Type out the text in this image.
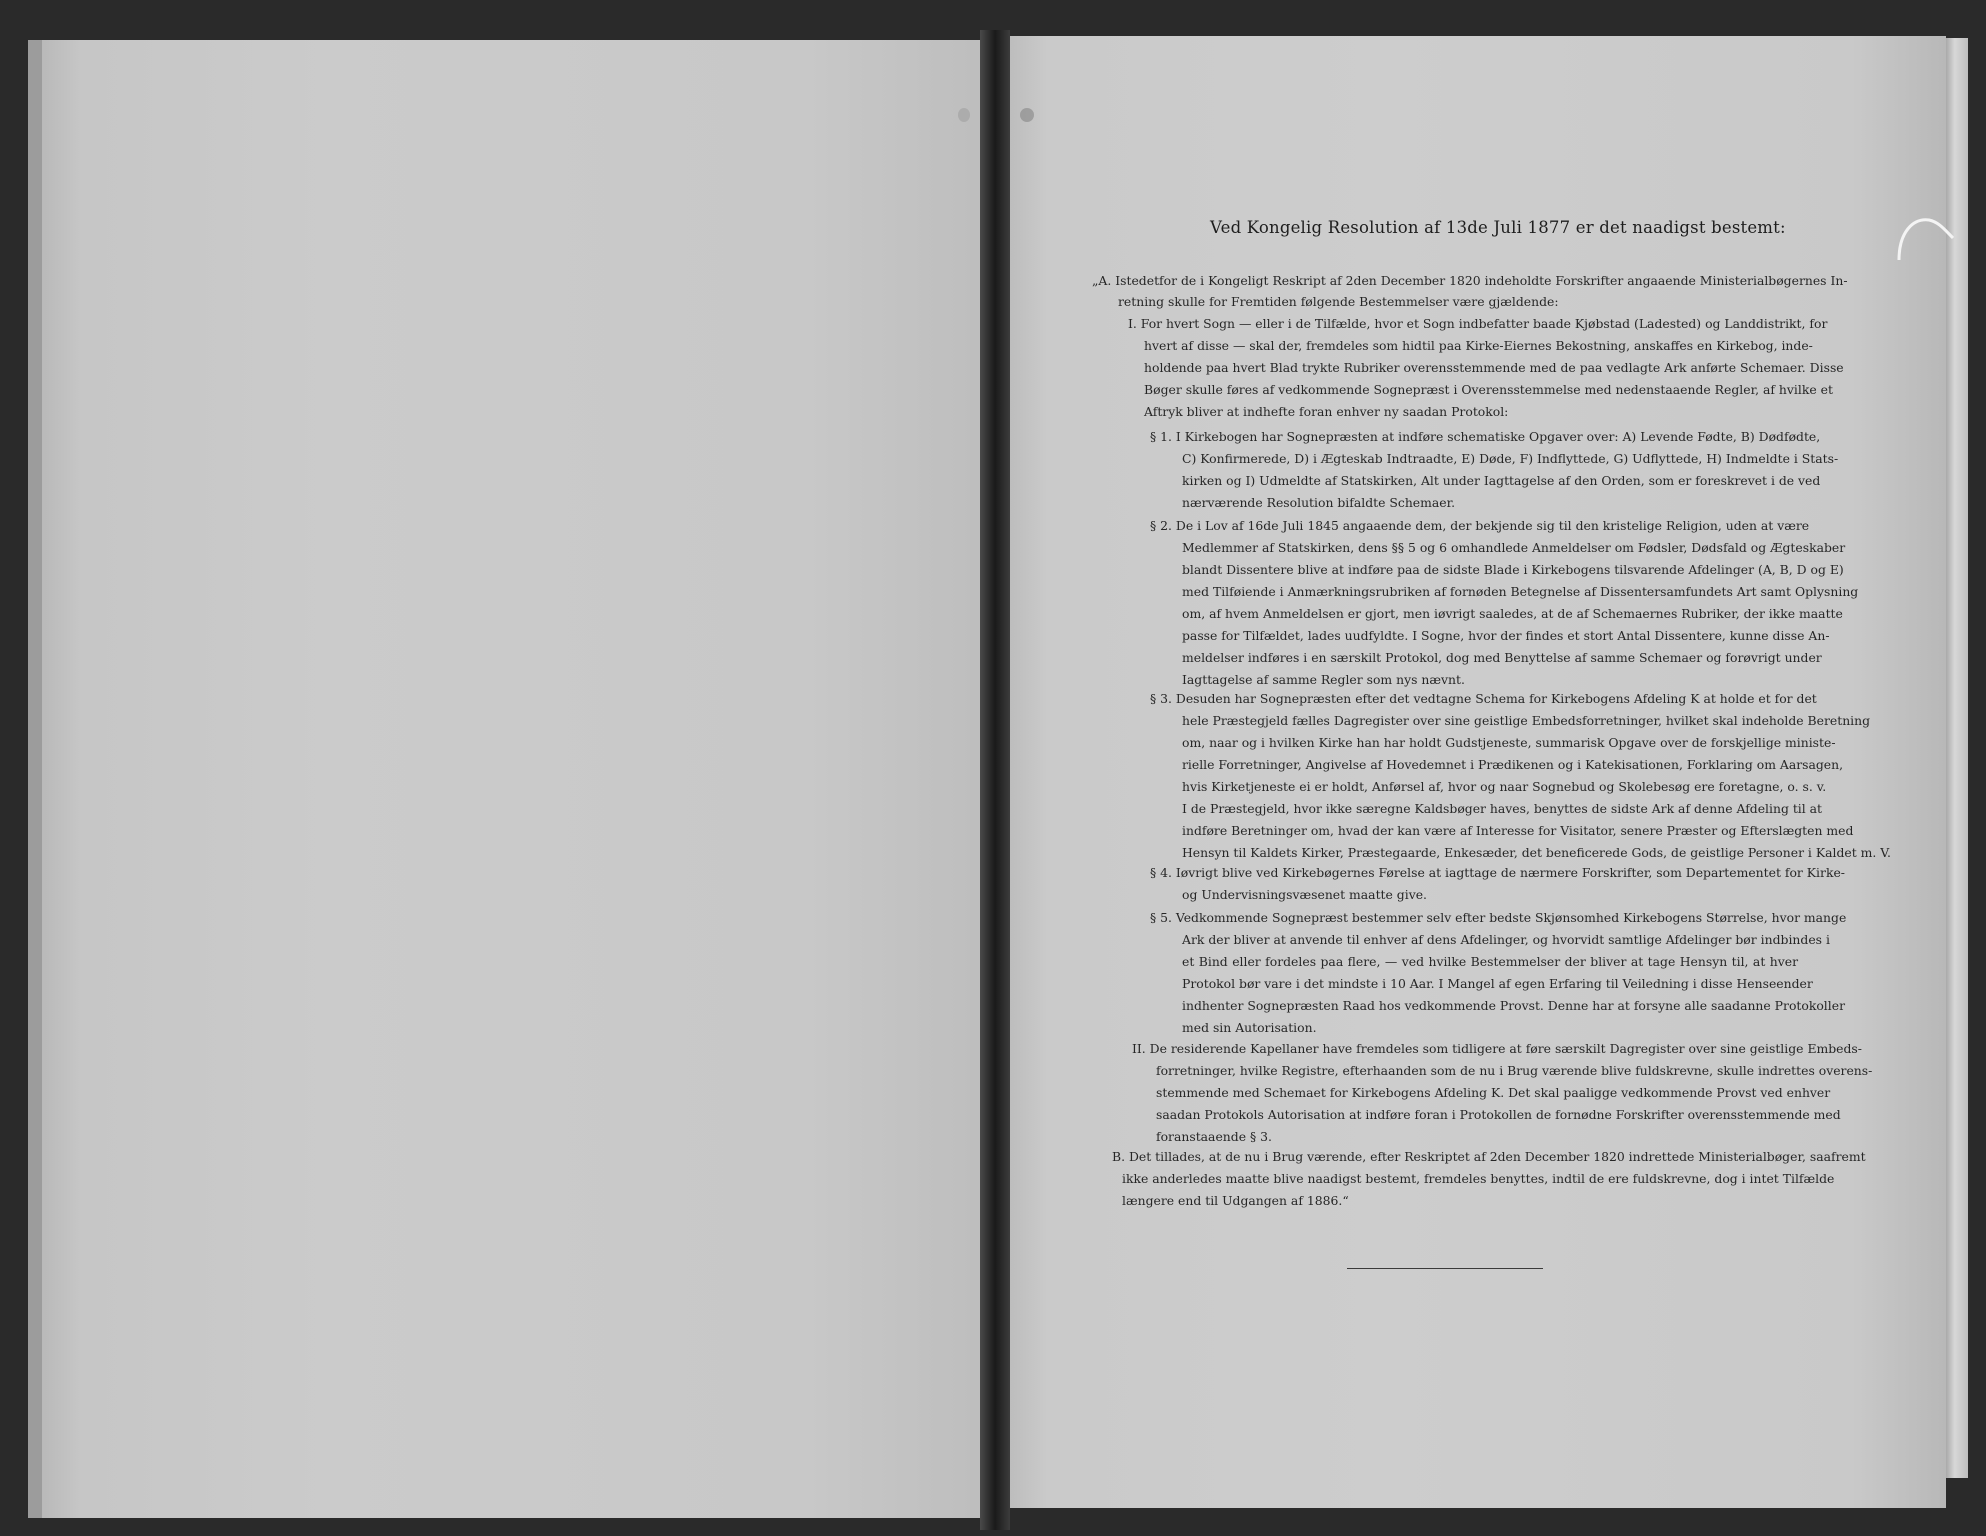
Ved Kongelig Resolution af 13de Juli 1877 er det naadigst bestemt:
„A. Istedetfor de i Kongeligt Reskript af 2den December 1820 indeholdte Forskrifter angaaende Ministerialbøgernes In-
retning skulle for Fremtiden følgende Bestemmelser være gjældende:
I. For hvert Sogn — eller i de Tilfælde, hvor et Sogn indbefatter baade Kjøbstad (Ladested) og Landdistrikt, for
hvert af disse — skal der, fremdeles som hidtil paa Kirke-Eiernes Bekostning, anskaffes en Kirkebog, inde-
holdende paa hvert Blad trykte Rubriker overensstemmende med de paa vedlagte Ark anførte Schemaer. Disse
Bøger skulle føres af vedkommende Sognepræst i Overensstemmelse med nedenstaaende Regler, af hvilke et
Aftryk bliver at indhefte foran enhver ny saadan Protokol:
§ 1. I Kirkebogen har Sognepræsten at indføre schematiske Opgaver over: A) Levende Fødte, B) Dødfødte,
C) Konfirmerede, D) i Ægteskab Indtraadte, E) Døde, F) Indflyttede, G) Udflyttede, H) Indmeldte i Stats-
kirken og I) Udmeldte af Statskirken, Alt under Iagttagelse af den Orden, som er foreskrevet i de ved
nærværende Resolution bifaldte Schemaer.
§ 2. De i Lov af 16de Juli 1845 angaaende dem, der bekjende sig til den kristelige Religion, uden at være
Medlemmer af Statskirken, dens §§ 5 og 6 omhandlede Anmeldelser om Fødsler, Dødsfald og Ægteskaber
blandt Dissentere blive at indføre paa de sidste Blade i Kirkebogens tilsvarende Afdelinger (A, B, D og E)
med Tilføiende i Anmærkningsrubriken af fornøden Betegnelse af Dissentersamfundets Art samt Oplysning
om, af hvem Anmeldelsen er gjort, men iøvrigt saaledes, at de af Schemaernes Rubriker, der ikke maatte
passe for Tilfældet, lades uudfyldte. I Sogne, hvor der findes et stort Antal Dissentere, kunne disse An-
meldelser indføres i en særskilt Protokol, dog med Benyttelse af samme Schemaer og forøvrigt under
Iagttagelse af samme Regler som nys nævnt.
§ 3. Desuden har Sognepræsten efter det vedtagne Schema for Kirkebogens Afdeling K at holde et for det
hele Præstegjeld fælles Dagregister over sine geistlige Embedsforretninger, hvilket skal indeholde Beretning
om, naar og i hvilken Kirke han har holdt Gudstjeneste, summarisk Opgave over de forskjellige ministe-
rielle Forretninger, Angivelse af Hovedemnet i Prædikenen og i Katekisationen, Forklaring om Aarsagen,
hvis Kirketjeneste ei er holdt, Anførsel af, hvor og naar Sognebud og Skolebesøg ere foretagne, o. s. v.
I de Præstegjeld, hvor ikke særegne Kaldsbøger haves, benyttes de sidste Ark af denne Afdeling til at
indføre Beretninger om, hvad der kan være af Interesse for Visitator, senere Præster og Efterslægten med
Hensyn til Kaldets Kirker, Præstegaarde, Enkesæder, det beneficerede Gods, de geistlige Personer i Kaldet m. V.
§ 4. Iøvrigt blive ved Kirkebøgernes Førelse at iagttage de nærmere Forskrifter, som Departementet for Kirke-
og Undervisningsvæsenet maatte give.
§ 5. Vedkommende Sognepræst bestemmer selv efter bedste Skjønsomhed Kirkebogens Størrelse, hvor mange
Ark der bliver at anvende til enhver af dens Afdelinger, og hvorvidt samtlige Afdelinger bør indbindes i
et Bind eller fordeles paa flere, — ved hvilke Bestemmelser der bliver at tage Hensyn til, at hver
Protokol bør vare i det mindste i 10 Aar. I Mangel af egen Erfaring til Veiledning i disse Henseender
indhenter Sognepræsten Raad hos vedkommende Provst. Denne har at forsyne alle saadanne Protokoller
med sin Autorisation.
II. De residerende Kapellaner have fremdeles som tidligere at føre særskilt Dagregister over sine geistlige Embeds-
forretninger, hvilke Registre, efterhaanden som de nu i Brug værende blive fuldskrevne, skulle indrettes overens-
stemmende med Schemaet for Kirkebogens Afdeling K. Det skal paaligge vedkommende Provst ved enhver
saadan Protokols Autorisation at indføre foran i Protokollen de fornødne Forskrifter overensstemmende med
foranstaaende § 3.
B. Det tillades, at de nu i Brug værende, efter Reskriptet af 2den December 1820 indrettede Ministerialbøger, saafremt
ikke anderledes maatte blive naadigst bestemt, fremdeles benyttes, indtil de ere fuldskrevne, dog i intet Tilfælde
længere end til Udgangen af 1886.“
